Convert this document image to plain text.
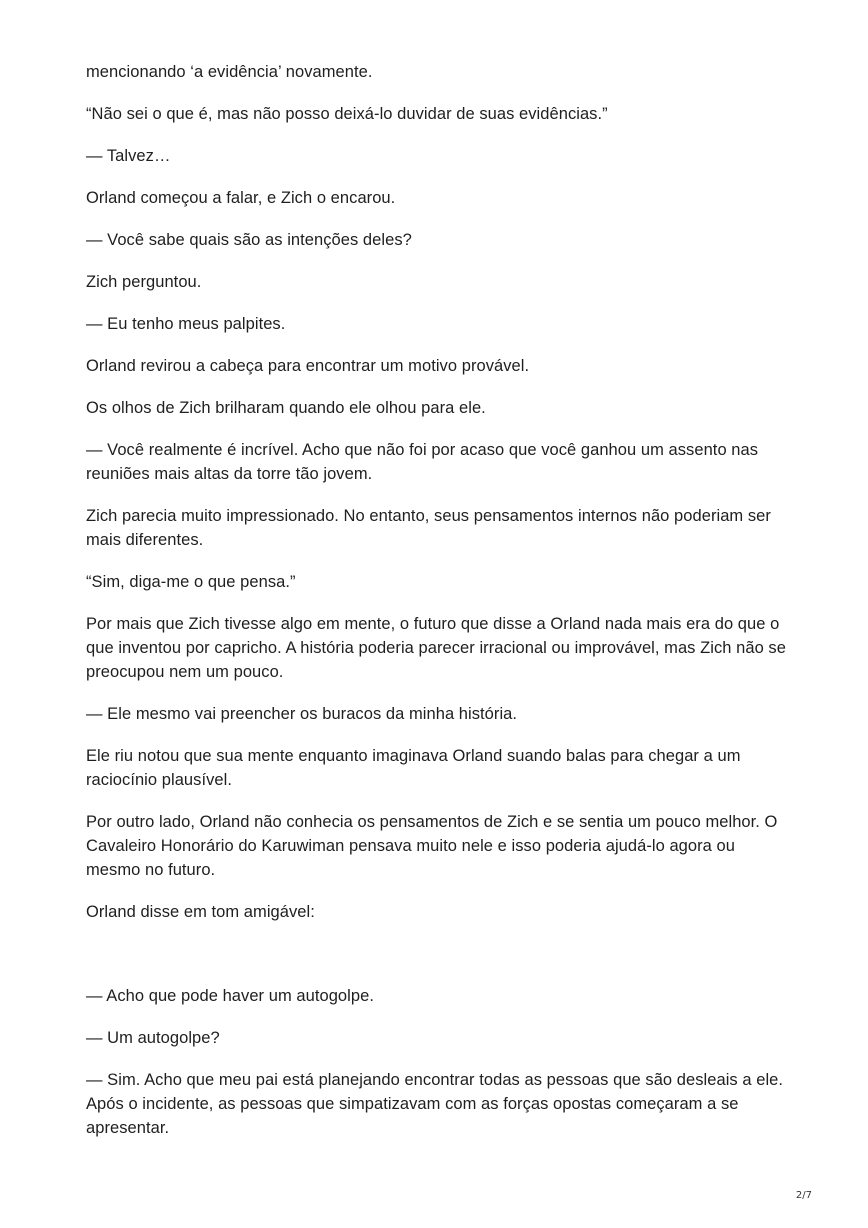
mencionando ‘a evidência’ novamente.

“Não sei o que é, mas não posso deixá-lo duvidar de suas evidências.”

— Talvez…

Orland começou a falar, e Zich o encarou.

— Você sabe quais são as intenções deles?

Zich perguntou.

— Eu tenho meus palpites.

Orland revirou a cabeça para encontrar um motivo provável.

Os olhos de Zich brilharam quando ele olhou para ele.

— Você realmente é incrível. Acho que não foi por acaso que você ganhou um assento nas reuniões mais altas da torre tão jovem.

Zich parecia muito impressionado. No entanto, seus pensamentos internos não poderiam ser mais diferentes.

“Sim, diga-me o que pensa.”

Por mais que Zich tivesse algo em mente, o futuro que disse a Orland nada mais era do que o que inventou por capricho. A história poderia parecer irracional ou improvável, mas Zich não se preocupou nem um pouco.

— Ele mesmo vai preencher os buracos da minha história.

Ele riu notou que sua mente enquanto imaginava Orland suando balas para chegar a um raciocínio plausível.

Por outro lado, Orland não conhecia os pensamentos de Zich e se sentia um pouco melhor. O Cavaleiro Honorário do Karuwiman pensava muito nele e isso poderia ajudá-lo agora ou mesmo no futuro.

Orland disse em tom amigável:

— Acho que pode haver um autogolpe.

— Um autogolpe?

— Sim. Acho que meu pai está planejando encontrar todas as pessoas que são desleais a ele. Após o incidente, as pessoas que simpatizavam com as forças opostas começaram a se apresentar.

2/7
